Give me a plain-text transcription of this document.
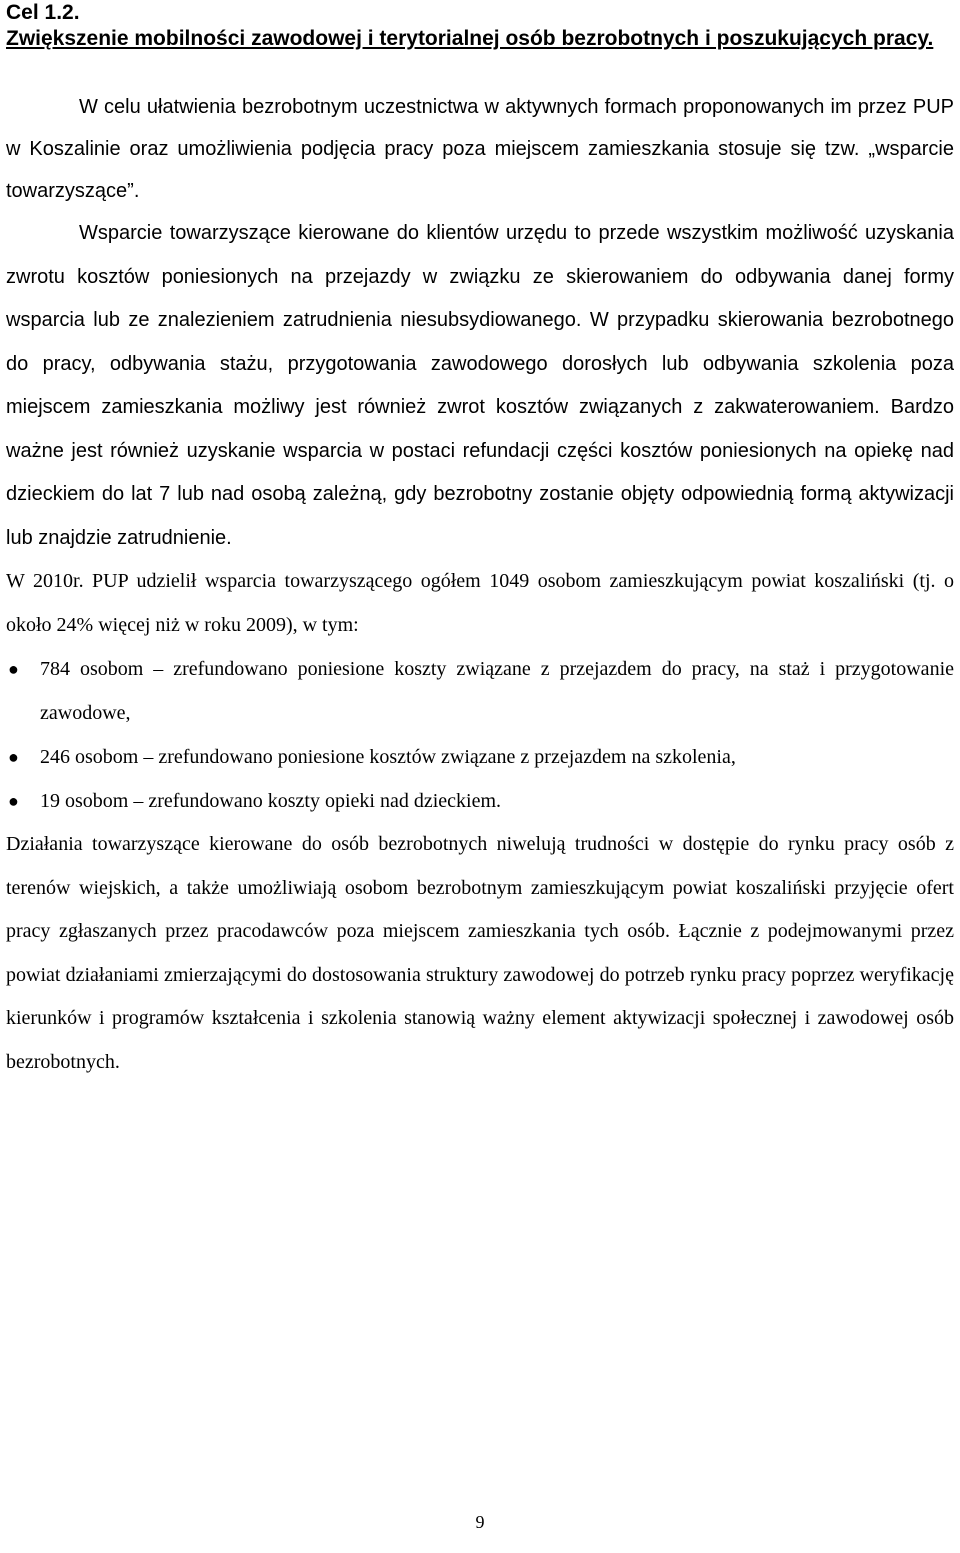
Cel 1.2.
Zwiększenie mobilności zawodowej i terytorialnej osób bezrobotnych i poszukujących pracy.

W celu ułatwienia bezrobotnym uczestnictwa w aktywnych formach proponowanych im przez PUP w Koszalinie oraz umożliwienia podjęcia pracy poza miejscem zamieszkania stosuje się tzw. „wsparcie towarzyszące”.

Wsparcie towarzyszące kierowane do klientów urzędu to przede wszystkim możliwość uzyskania zwrotu kosztów poniesionych na przejazdy w związku ze skierowaniem do odbywania danej formy wsparcia lub ze znalezieniem zatrudnienia niesubsydiowanego. W przypadku skierowania bezrobotnego do pracy, odbywania stażu, przygotowania zawodowego dorosłych lub odbywania szkolenia poza miejscem zamieszkania możliwy jest również zwrot kosztów związanych z zakwaterowaniem. Bardzo ważne jest również uzyskanie wsparcia w postaci refundacji części kosztów poniesionych na opiekę nad dzieckiem do lat 7 lub nad osobą zależną, gdy bezrobotny zostanie objęty odpowiednią formą aktywizacji lub znajdzie zatrudnienie.

W 2010r. PUP udzielił wsparcia towarzyszącego ogółem 1049 osobom zamieszkującym powiat koszaliński (tj. o około 24% więcej niż w roku 2009), w tym:

● 784 osobom – zrefundowano poniesione koszty związane z przejazdem do pracy, na staż i przygotowanie zawodowe,
● 246 osobom – zrefundowano poniesione kosztów związane z przejazdem na szkolenia,
● 19 osobom – zrefundowano koszty opieki nad dzieckiem.

Działania towarzyszące kierowane do osób bezrobotnych niwelują trudności w dostępie do rynku pracy osób z terenów wiejskich, a także umożliwiają osobom bezrobotnym zamieszkującym powiat koszaliński przyjęcie ofert pracy zgłaszanych przez pracodawców poza miejscem zamieszkania tych osób. Łącznie z podejmowanymi przez powiat działaniami zmierzającymi do dostosowania struktury zawodowej do potrzeb rynku pracy poprzez weryfikację kierunków i programów kształcenia i szkolenia stanowią ważny element aktywizacji społecznej i zawodowej osób bezrobotnych.

9
